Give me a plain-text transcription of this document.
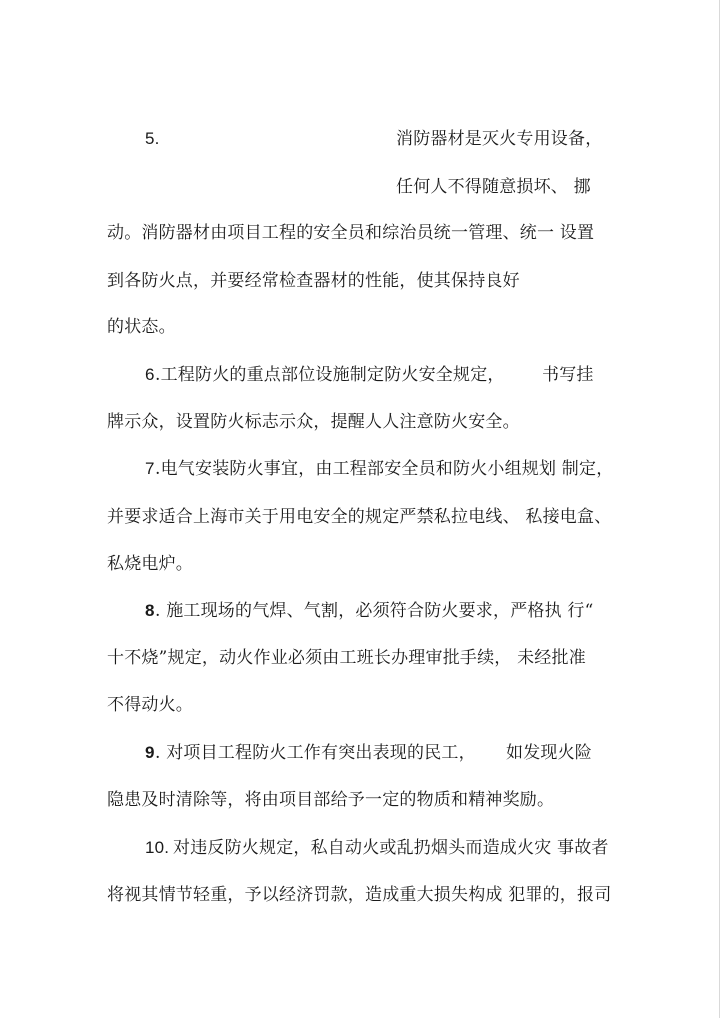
5.	消防器材是灭火专用设备，
任何人不得随意损坏、 挪
动。消防器材由项目工程的安全员和综治员统一管理、统一 设置
到各防火点，并要经常检查器材的性能，使其保持良好
的状态。
6 .工程防火的重点部位设施制定防火安全规定， 书写挂
牌示众，设置防火标志示众，提醒人人注意防火安全。
7 .电气安装防火事宜，由工程部安全员和防火小组规划 制定，
并要求适合上海市关于用电安全的规定严禁私拉电线、 私接电盒、
私烧电炉。
8 . 施工现场的气焊、气割，必须符合防火要求，严格执 行“
十不烧”规定，动火作业必须由工班长办理审批手续， 未经批准
不得动火。
9 . 对项目工程防火工作有突出表现的民工， 如发现火险
隐患及时清除等，将由项目部给予一定的物质和精神奖励。
10. 对违反防火规定，私自动火或乱扔烟头而造成火灾 事故者
将视其情节轻重，予以经济罚款，造成重大损失构成 犯罪的，报司
